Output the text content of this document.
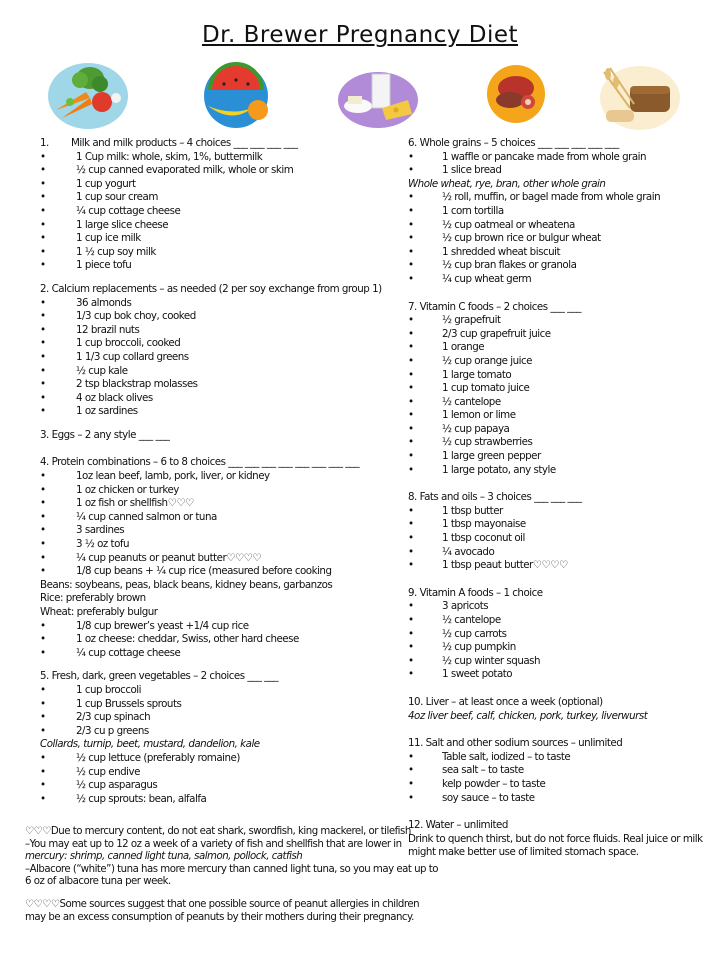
Dr. Brewer Pregnancy Diet
1.        Milk and milk products – 4 choices ___ ___ ___ ___
• 1 Cup milk: whole, skim, 1%, buttermilk
• ½ cup canned evaporated milk, whole or skim
• 1 cup yogurt
• 1 cup sour cream
• ¼ cup cottage cheese
• 1 large slice cheese
• 1 cup ice milk
• 1 ½ cup soy milk
• 1 piece tofu
2. Calcium replacements – as needed (2 per soy exchange from group 1)
• 36 almonds
• 1/3 cup bok choy, cooked
• 12 brazil nuts
• 1 cup broccoli, cooked
• 1 1/3 cup collard greens
• ½ cup kale
• 2 tsp blackstrap molasses
• 4 oz black olives
• 1 oz sardines
3. Eggs – 2 any style ___ ___
4. Protein combinations – 6 to 8 choices ___ ___ ___ ___ ___ ___ ___ ___
• 1oz lean beef, lamb, pork, liver, or kidney
• 1 oz chicken or turkey
• 1 oz fish or shellfish♡♡♡
• ¼ cup canned salmon or tuna
• 3 sardines
• 3 ½ oz tofu
• ¼ cup peanuts or peanut butter♡♡♡♡
• 1/8 cup beans + ¼ cup rice (measured before cooking
Beans: soybeans, peas, black beans, kidney beans, garbanzos
Rice: preferably brown
Wheat: preferably bulgur
• 1/8 cup brewer’s yeast +1/4 cup rice
• 1 oz cheese: cheddar, Swiss, other hard cheese
• ¼ cup cottage cheese
5. Fresh, dark, green vegetables – 2 choices ___ ___
• 1 cup broccoli
• 1 cup Brussels sprouts
• 2/3 cup spinach
• 2/3 cu p greens
Collards, turnip, beet, mustard, dandelion, kale
• ½ cup lettuce (preferably romaine)
• ½ cup endive
• ½ cup asparagus
• ½ cup sprouts: bean, alfalfa
6. Whole grains – 5 choices ___ ___ ___ ___ ___
• 1 waffle or pancake made from whole grain
• 1 slice bread
Whole wheat, rye, bran, other whole grain
• ½ roll, muffin, or bagel made from whole grain
• 1 corn tortilla
• ½ cup oatmeal or wheatena
• ½ cup brown rice or bulgur wheat
• 1 shredded wheat biscuit
• ½ cup bran flakes or granola
• ¼ cup wheat germ
7. Vitamin C foods – 2 choices ___ ___
• ½ grapefruit
• 2/3 cup grapefruit juice
• 1 orange
• ½ cup orange juice
• 1 large tomato
• 1 cup tomato juice
• ½ cantelope
• 1 lemon or lime
• ½ cup papaya
• ½ cup strawberries
• 1 large green pepper
• 1 large potato, any style
8. Fats and oils – 3 choices ___ ___ ___
• 1 tbsp butter
• 1 tbsp mayonaise
• 1 tbsp coconut oil
• ¼ avocado
• 1 tbsp peaut butter♡♡♡♡
9. Vitamin A foods – 1 choice
• 3 apricots
• ½ cantelope
• ½ cup carrots
• ½ cup pumpkin
• ½ cup winter squash
• 1 sweet potato
10. Liver – at least once a week (optional)
4oz liver beef, calf, chicken, pork, turkey, liverwurst
11. Salt and other sodium sources – unlimited
• Table salt, iodized – to taste
• sea salt – to taste
• kelp powder – to taste
• soy sauce – to taste
12. Water – unlimited
Drink to quench thirst, but do not force fluids. Real juice or milk
might make better use of limited stomach space.

♡♡♡Due to mercury content, do not eat shark, swordfish, king mackerel, or tilefish
–You may eat up to 12 oz a week of a variety of fish and shellfish that are lower in
mercury: shrimp, canned light tuna, salmon, pollock, catfish
–Albacore (“white”) tuna has more mercury than canned light tuna, so you may eat up to
6 oz of albacore tuna per week.

♡♡♡♡Some sources suggest that one possible source of peanut allergies in children
may be an excess consumption of peanuts by their mothers during their pregnancy.
